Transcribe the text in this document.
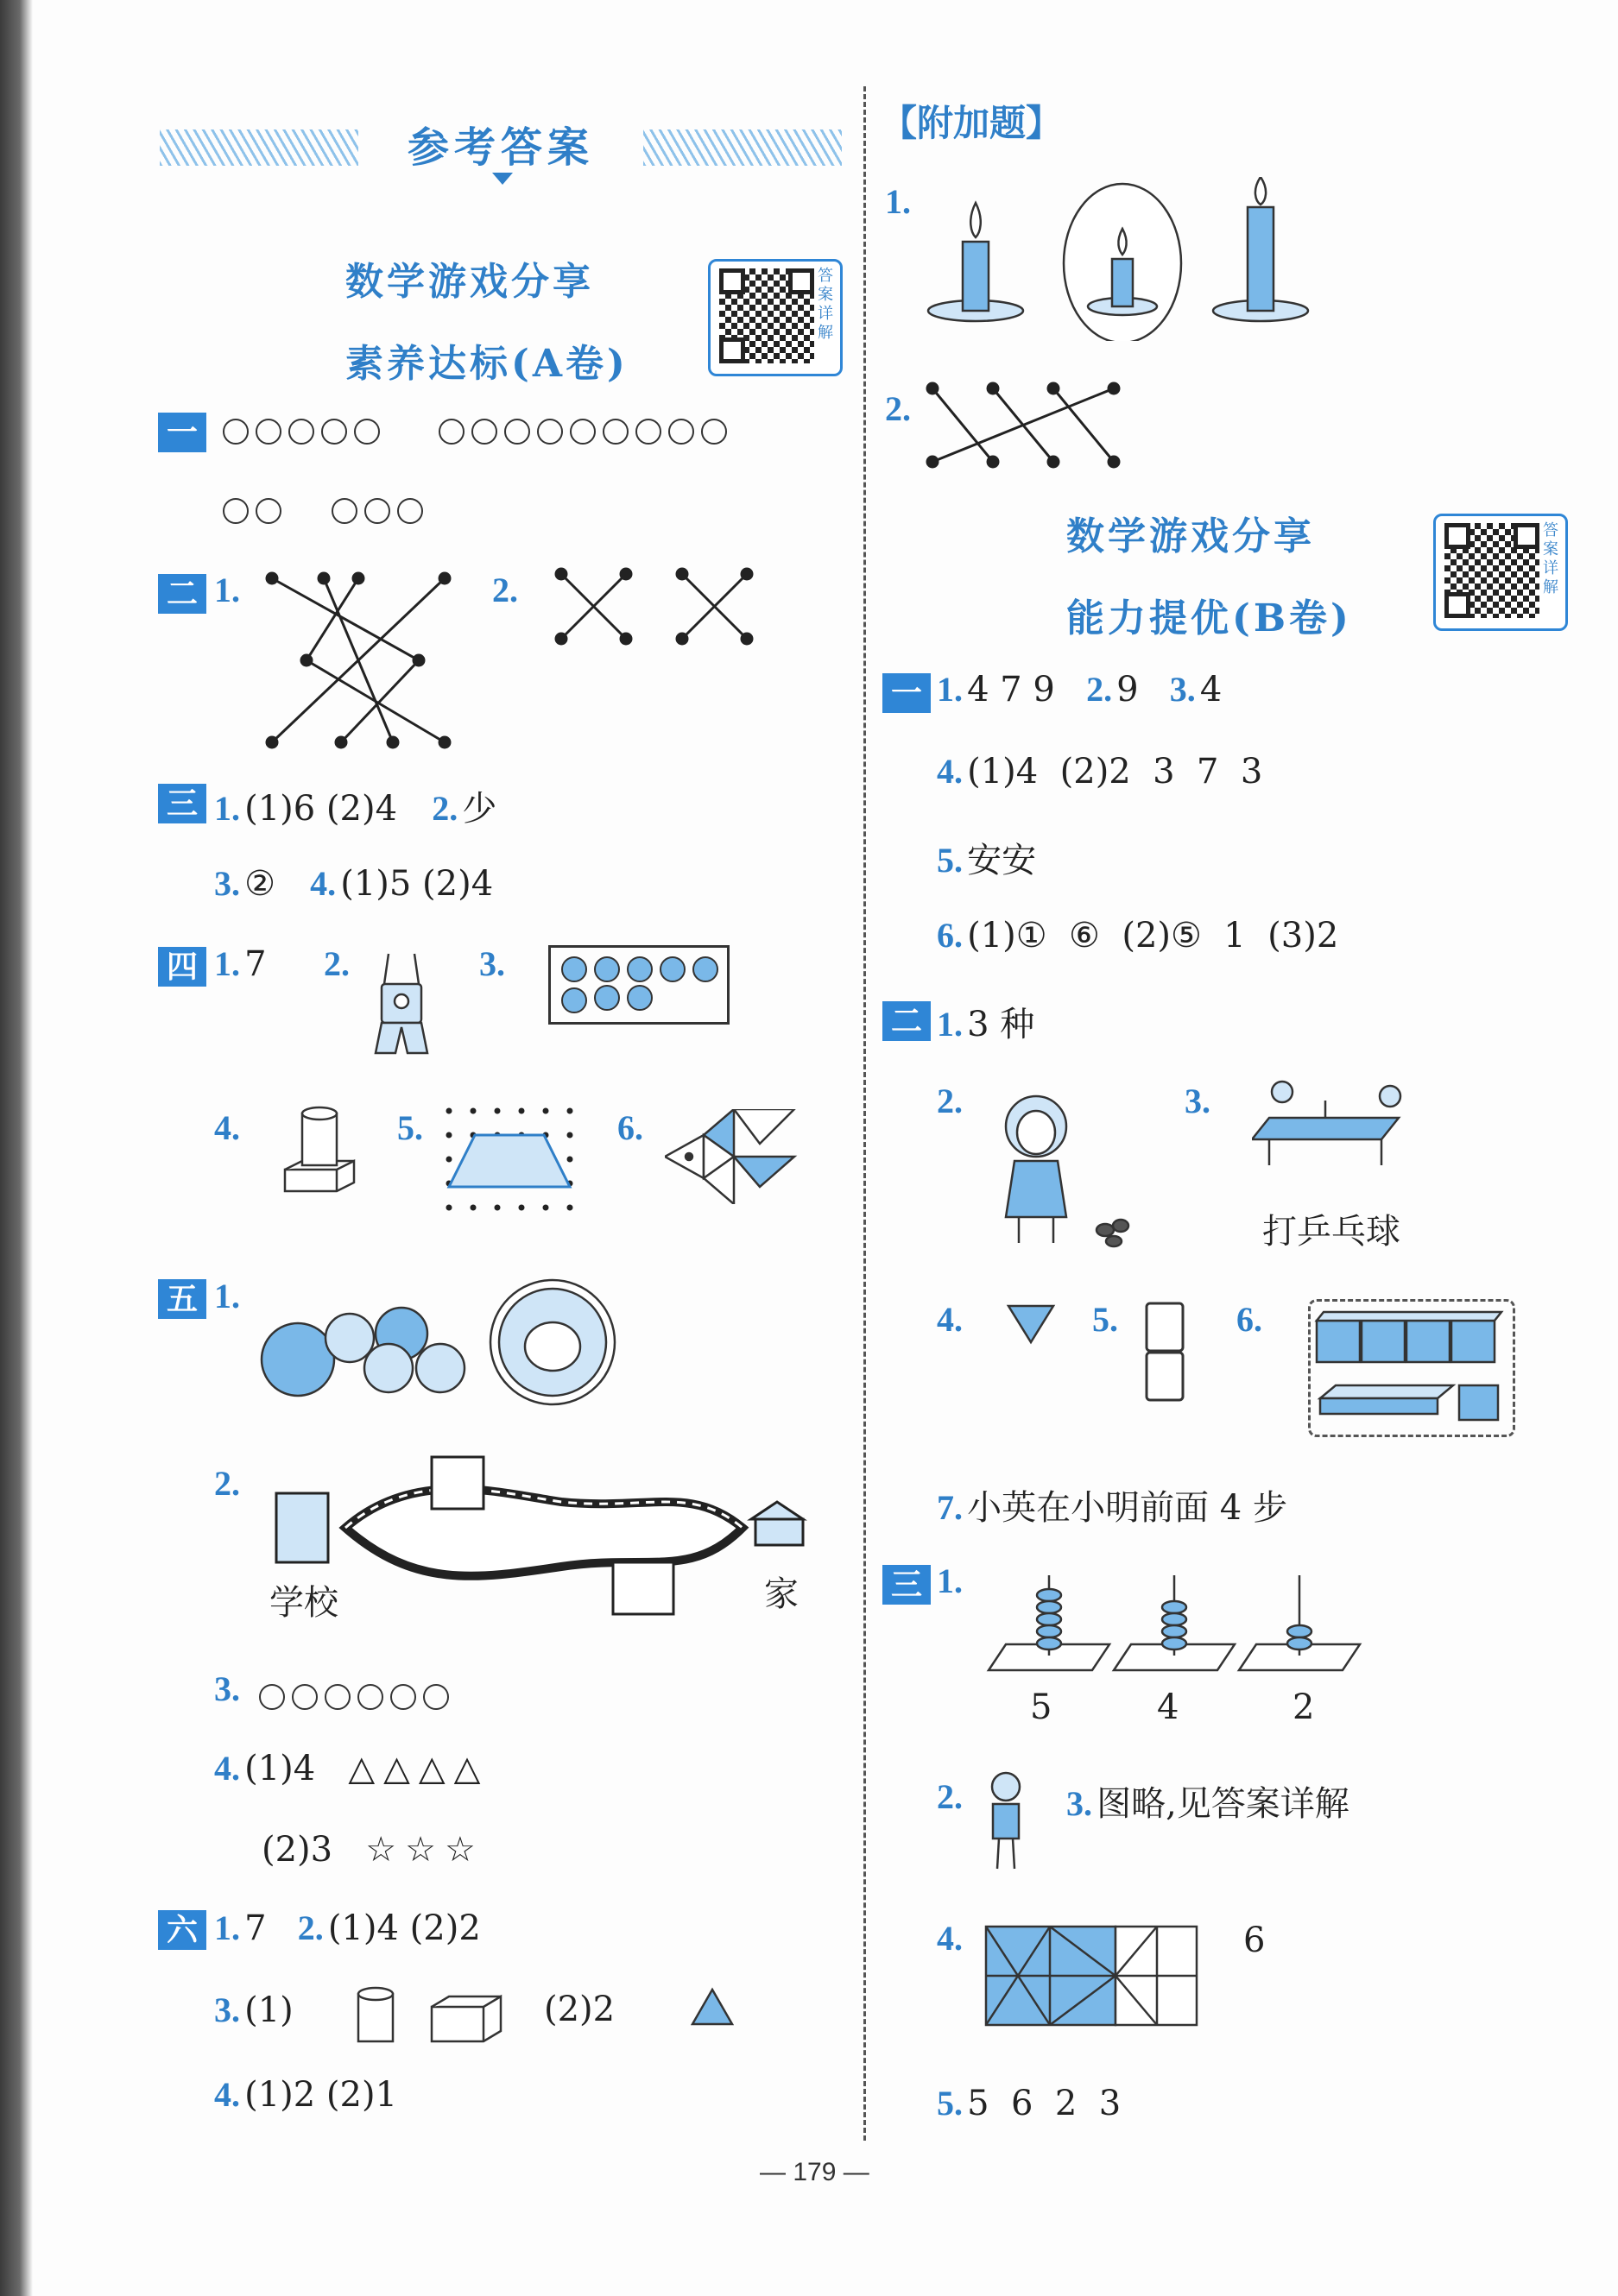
参考答案
数学游戏分享
素养达标(A卷)
答案详解
一

二 1.	2.
三 1. (1)6 (2)4 2. 少
3. ② 4. (1)5 (2)4
四 1. 7 2.	3.

4.	5.	6.
五 1.
2.
学校	家
3.
4. (1)4 △△△△
(2)3 ☆☆☆
六 1. 7 2. (1)4 (2)2
3. (1)	(2)2
4. (1)2 (2)1
【附加题】
1.
2.
数学游戏分享
能力提优(B卷)
答案详解
一 1. 4 7 9 2. 9 3. 4
4. (1)4  (2)2  3  7  3
5. 安安
6. (1)①  ⑥  (2)⑤  1  (3)2
二 1. 3 种
2.	3.
打乒乓球
4.	5.	6.
7. 小英在小明前面 4 步
三 1.
5	4	2
2.	3. 图略,见答案详解
4.	6
5. 5  6  2  3
— 179 —
